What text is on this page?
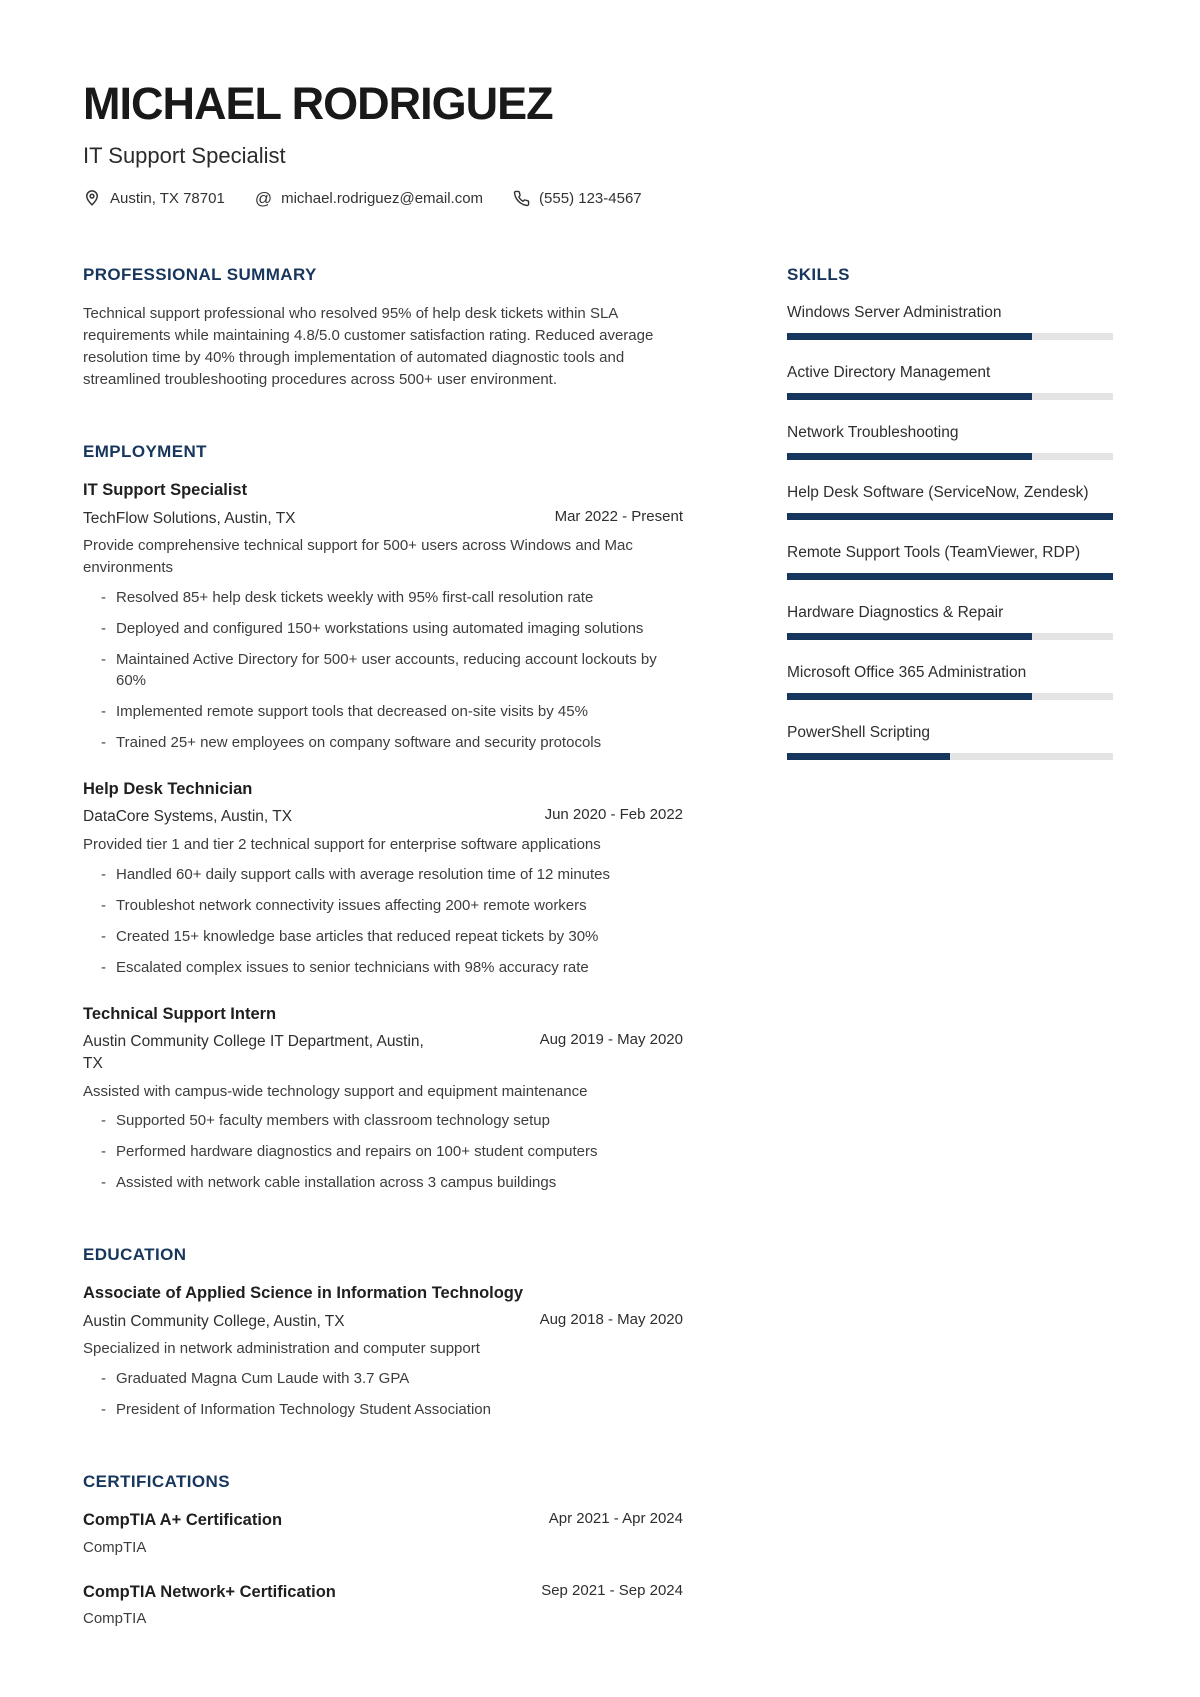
MICHAEL RODRIGUEZ
IT Support Specialist
Austin, TX 78701 @ michael.rodriguez@email.com	(555) 123-4567
PROFESSIONAL SUMMARY

Technical support professional who resolved 95% of help desk tickets within SLA requirements while maintaining 4.8/5.0 customer satisfaction rating. Reduced average resolution time by 40% through implementation of automated diagnostic tools and streamlined troubleshooting procedures across 500+ user environment.

EMPLOYMENT
IT Support Specialist
TechFlow Solutions, Austin, TX	Mar 2022 - Present

Provide comprehensive technical support for 500+ users across Windows and Mac environments

- Resolved 85+ help desk tickets weekly with 95% first-call resolution rate
- Deployed and configured 150+ workstations using automated imaging solutions
- Maintained Active Directory for 500+ user accounts, reducing account lockouts by 60%
- Implemented remote support tools that decreased on-site visits by 45%
- Trained 25+ new employees on company software and security protocols
Help Desk Technician
DataCore Systems, Austin, TX	Jun 2020 - Feb 2022

Provided tier 1 and tier 2 technical support for enterprise software applications

- Handled 60+ daily support calls with average resolution time of 12 minutes
- Troubleshot network connectivity issues affecting 200+ remote workers
- Created 15+ knowledge base articles that reduced repeat tickets by 30%
- Escalated complex issues to senior technicians with 98% accuracy rate
Technical Support Intern
Austin Community College IT Department, Austin, TX
Aug 2019 - May 2020

Assisted with campus-wide technology support and equipment maintenance

- Supported 50+ faculty members with classroom technology setup
- Performed hardware diagnostics and repairs on 100+ student computers
- Assisted with network cable installation across 3 campus buildings
EDUCATION
Associate of Applied Science in Information Technology
Austin Community College, Austin, TX	Aug 2018 - May 2020

Specialized in network administration and computer support

- Graduated Magna Cum Laude with 3.7 GPA
- President of Information Technology Student Association
CERTIFICATIONS
CompTIA A+ Certification	Apr 2021 - Apr 2024
CompTIA
CompTIA Network+ Certification	Sep 2021 - Sep 2024
CompTIA
SKILLS
Windows Server Administration
Active Directory Management
Network Troubleshooting
Help Desk Software (ServiceNow, Zendesk)
Remote Support Tools (TeamViewer, RDP)
Hardware Diagnostics & Repair
Microsoft Office 365 Administration
PowerShell Scripting
